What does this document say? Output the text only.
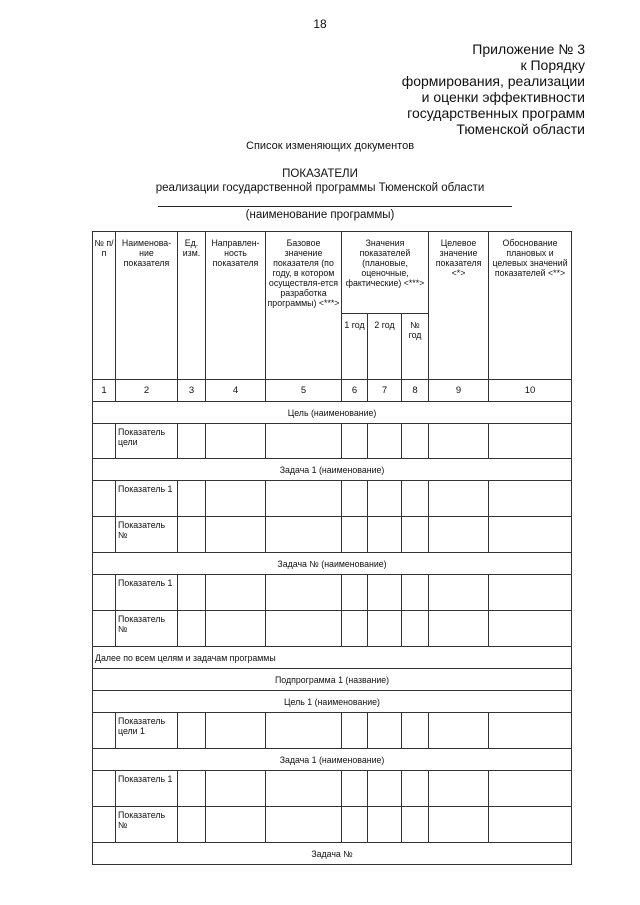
18
Приложение № 3
к Порядку
формирования, реализации
и оценки эффективности
государственных программ
Тюменской области
Список изменяющих документов
ПОКАЗАТЕЛИ
реализации государственной программы Тюменской области
(наименование программы)
№ п/п	Наименова-ние показателя	Ед. изм.	Направлен-ность показателя	Базовое значение показателя (по году, в котором осуществля-ется разработка программы) <***>	Значения показателей (плановые, оценочные, фактические) <***>			Целевое значение показателя <*>	Обоснование плановых и целевых значений показателей <**>
					1 год	2 год	№ год		
1	2	3	4	5	6	7	8	9	10
Цель (наименование)									
	Показатель цели								
Задача 1 (наименование)									
	Показатель 1								
	Показатель №								
Задача № (наименование)									
	Показатель 1								
	Показатель №								
Далее по всем целям и задачам программы									
Подпрограмма 1 (название)									
Цель 1 (наименование)									
	Показатель цели 1								
Задача 1 (наименование)									
	Показатель 1								
	Показатель №								
Задача №									
